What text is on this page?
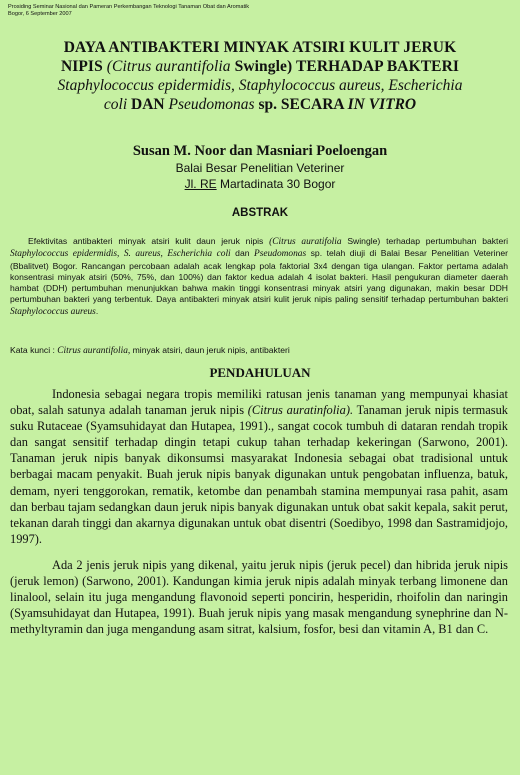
Prosiding Seminar Nasional dan Pameran Perkembangan Teknologi Tanaman Obat dan Aromatik
Bogor, 6 September 2007
DAYA ANTIBAKTERI MINYAK ATSIRI KULIT JERUK
NIPIS (Citrus aurantifolia Swingle) TERHADAP BAKTERI
Staphylococcus epidermidis, Staphylococcus aureus, Escherichia
coli DAN Pseudomonas sp. SECARA IN VITRO
Susan M. Noor dan Masniari Poeloengan
Balai Besar Penelitian Veteriner
Jl. RE Martadinata 30 Bogor
ABSTRAK
Efektivitas antibakteri minyak atsiri kulit daun jeruk nipis (Citrus auratifolia Swingle) terhadap pertumbuhan bakteri Staphylococcus epidermidis, S. aureus, Escherichia coli dan Pseudomonas sp. telah diuji di Balai Besar Penelitian Veteriner (Bbalitvet) Bogor. Rancangan percobaan adalah acak lengkap pola faktorial 3x4 dengan tiga ulangan. Faktor pertama adalah konsentrasi minyak atsiri (50%, 75%, dan 100%) dan faktor kedua adalah 4 isolat bakteri. Hasil pengukuran diameter daerah hambat (DDH) pertumbuhan menunjukkan bahwa makin tinggi konsentrasi minyak atsiri yang digunakan, makin besar DDH pertumbuhan bakteri yang terbentuk. Daya antibakteri minyak atsiri kulit jeruk nipis paling sensitif terhadap pertumbuhan bakteri Staphylococcus aureus.
Kata kunci : Citrus aurantifolia, minyak atsiri, daun jeruk nipis, antibakteri
PENDAHULUAN

Indonesia sebagai negara tropis memiliki ratusan jenis tanaman yang mempunyai khasiat obat, salah satunya adalah tanaman jeruk nipis (Citrus auratinfolia). Tanaman jeruk nipis termasuk suku Rutaceae (Syamsuhidayat dan Hutapea, 1991)., sangat cocok tumbuh di dataran rendah tropik dan sangat sensitif terhadap dingin tetapi cukup tahan terhadap kekeringan (Sarwono, 2001). Tanaman jeruk nipis banyak dikonsumsi masyarakat Indonesia sebagai obat tradisional untuk berbagai macam penyakit. Buah jeruk nipis banyak digunakan untuk pengobatan influenza, batuk, demam, nyeri tenggorokan, rematik, ketombe dan penambah stamina mempunyai rasa pahit, asam dan berbau tajam sedangkan daun jeruk nipis banyak digunakan untuk obat sakit kepala, sakit perut, tekanan darah tinggi dan akarnya digunakan untuk obat disentri (Soedibyo, 1998 dan Sastramidjojo, 1997).

Ada 2 jenis jeruk nipis yang dikenal, yaitu jeruk nipis (jeruk pecel) dan hibrida jeruk nipis (jeruk lemon) (Sarwono, 2001). Kandungan kimia jeruk nipis adalah minyak terbang limonene dan linalool, selain itu juga mengandung flavonoid seperti poncirin, hesperidin, rhoifolin dan naringin (Syamsuhidayat dan Hutapea, 1991). Buah jeruk nipis yang masak mengandung synephrine dan N-methyltyramin dan juga mengandung asam sitrat, kalsium, fosfor, besi dan vitamin A, B1 dan C.
